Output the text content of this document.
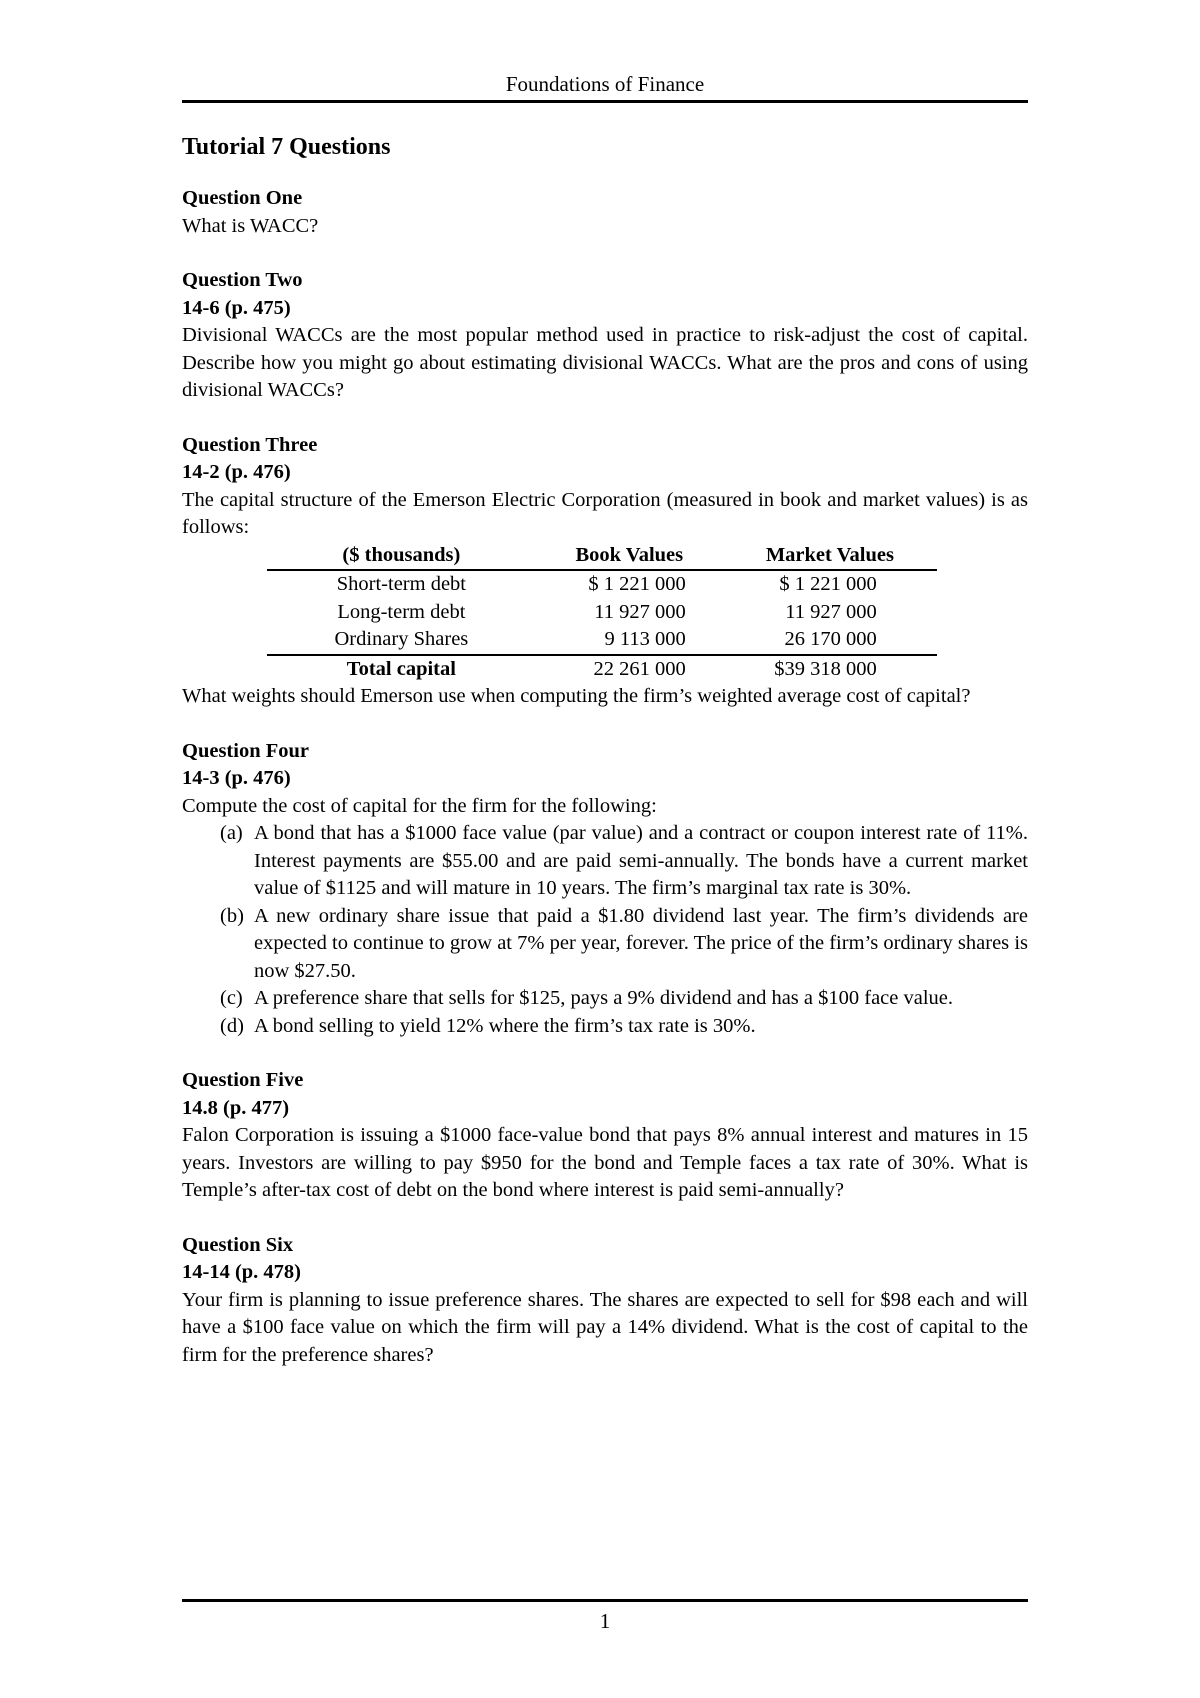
Foundations of Finance
Tutorial 7 Questions

Question One

What is WACC?

Question Two

14-6 (p. 475)

Divisional WACCs are the most popular method used in practice to risk-adjust the cost of capital. Describe how you might go about estimating divisional WACCs. What are the pros and cons of using divisional WACCs?

Question Three

14-2 (p. 476)

The capital structure of the Emerson Electric Corporation (measured in book and market values) is as follows:

($ thousands)	Book Values	Market Values
Short-term debt	$ 1 221 000	$ 1 221 000
Long-term debt	11 927 000	11 927 000
Ordinary Shares	9 113 000	26 170 000
Total capital	22 261 000	$39 318 000

What weights should Emerson use when computing the firm’s weighted average cost of capital?

Question Four

14-3 (p. 476)

Compute the cost of capital for the firm for the following:

(a) A bond that has a $1000 face value (par value) and a contract or coupon interest rate of 11%. Interest payments are $55.00 and are paid semi-annually. The bonds have a current market value of $1125 and will mature in 10 years. The firm’s marginal tax rate is 30%.
(b) A new ordinary share issue that paid a $1.80 dividend last year. The firm’s dividends are expected to continue to grow at 7% per year, forever. The price of the firm’s ordinary shares is now $27.50.
(c) A preference share that sells for $125, pays a 9% dividend and has a $100 face value.
(d) A bond selling to yield 12% where the firm’s tax rate is 30%.

Question Five

14.8 (p. 477)

Falon Corporation is issuing a $1000 face-value bond that pays 8% annual interest and matures in 15 years. Investors are willing to pay $950 for the bond and Temple faces a tax rate of 30%. What is Temple’s after-tax cost of debt on the bond where interest is paid semi-annually?

Question Six

14-14 (p. 478)

Your firm is planning to issue preference shares. The shares are expected to sell for $98 each and will have a $100 face value on which the firm will pay a 14% dividend. What is the cost of capital to the firm for the preference shares?

1
